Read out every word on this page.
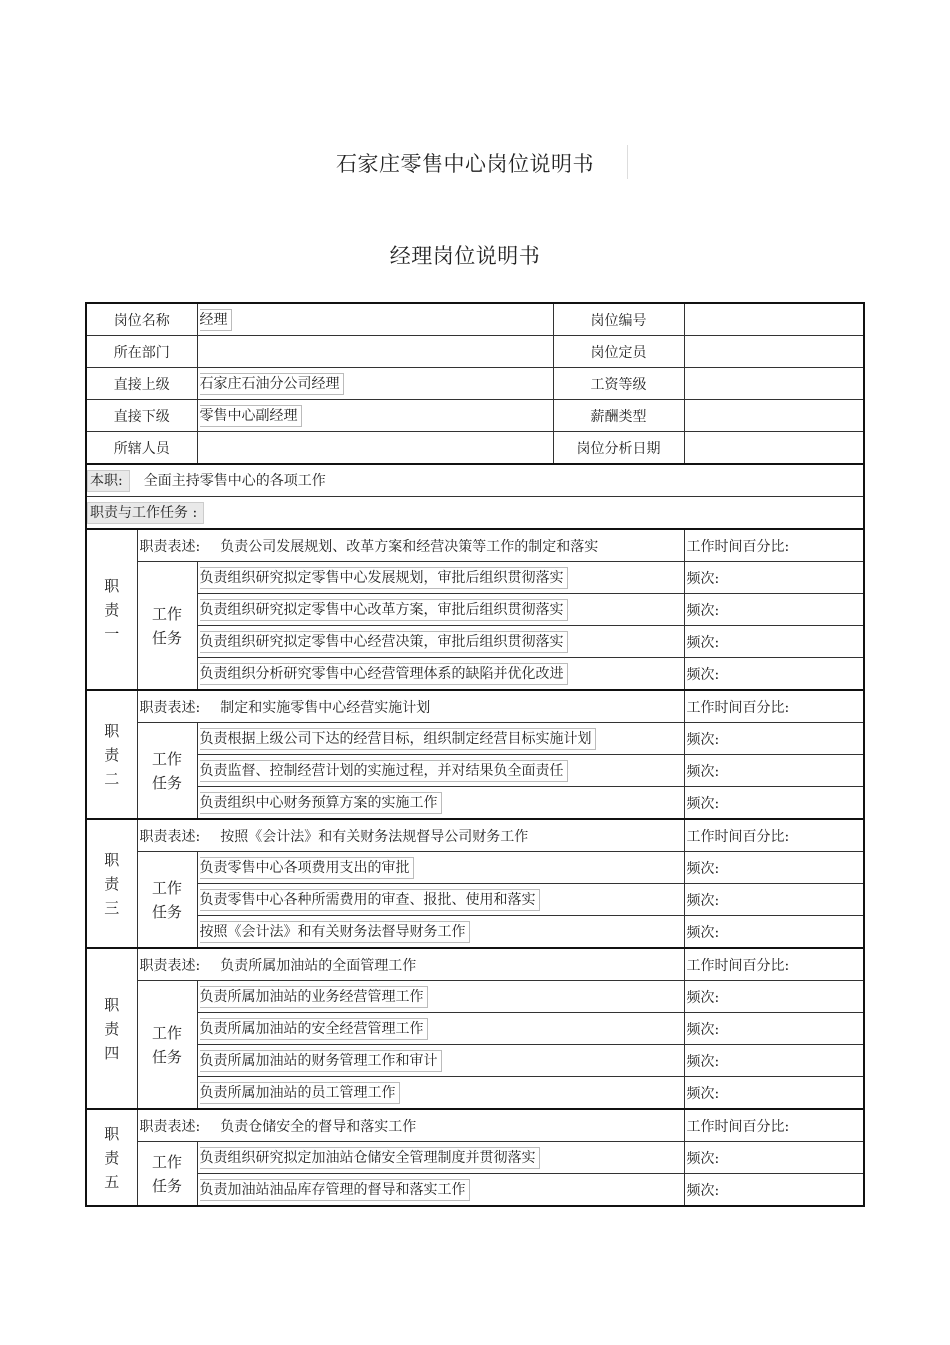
石家庄零售中心岗位说明书
经理岗位说明书
岗位名称		经理	岗位编号	
所在部门			岗位定员	
直接上级		石家庄石油分公司经理	工资等级	
直接下级		零售中心副经理	薪酬类型	
所辖人员			岗位分析日期	
本职: 全面主持零售中心的各项工作				
职责与工作任务 :				
职责一	职责表述: 负责公司发展规划、改革方案和经营决策等工作的制定和落实			工作时间百分比:
	工作任务	负责组织研究拟定零售中心发展规划，审批后组织贯彻落实		频次:
		负责组织研究拟定零售中心改革方案，审批后组织贯彻落实		频次:
		负责组织研究拟定零售中心经营决策，审批后组织贯彻落实		频次:
		负责组织分析研究零售中心经营管理体系的缺陷并优化改进		频次:
职责二	职责表述: 制定和实施零售中心经营实施计划			工作时间百分比:
	工作任务	负责根据上级公司下达的经营目标，组织制定经营目标实施计划		频次:
		负责监督、控制经营计划的实施过程，并对结果负全面责任		频次:
		负责组织中心财务预算方案的实施工作		频次:
职责三	职责表述: 按照《会计法》和有关财务法规督导公司财务工作			工作时间百分比:
	工作任务	负责零售中心各项费用支出的审批		频次:
		负责零售中心各种所需费用的审查、报批、使用和落实		频次:
		按照《会计法》和有关财务法督导财务工作		频次:
职责四	职责表述: 负责所属加油站的全面管理工作			工作时间百分比:
	工作任务	负责所属加油站的业务经营管理工作		频次:
		负责所属加油站的安全经营管理工作		频次:
		负责所属加油站的财务管理工作和审计		频次:
		负责所属加油站的员工管理工作		频次:
职责五	职责表述: 负责仓储安全的督导和落实工作			工作时间百分比:
	工作任务	负责组织研究拟定加油站仓储安全管理制度并贯彻落实		频次:
		负责加油站油品库存管理的督导和落实工作		频次:
